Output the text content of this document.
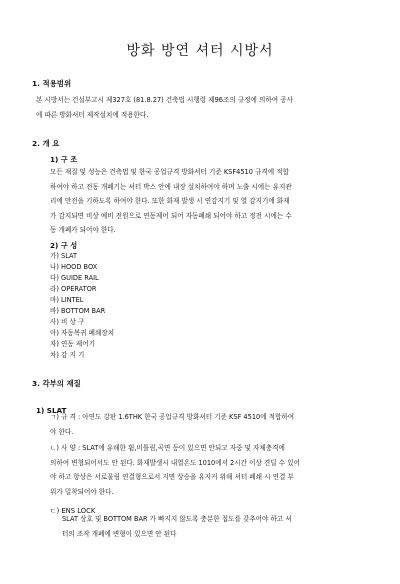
방화 방연 셔터 시방서
1. 적용범위
본 시방서는 건설부고시 제327호 (81.8.27) 건축법 시행령 제96조의 규정에 의하여 공사
에 따른 방화셔터 제작설치에 적용한다.
2. 개 요
1) 구 조
모든 재질 및 성능은 건축법 및 한국 공업규격 방화셔터 기준 KSF4510 규격에 적합
하여야 하고 전동 개폐기는 셔터 박스 안에 내장 설치하여야 하며 노출 시에는 유지관
리에 만전을 기하도록 하여야 한다. 또한 화재 발생 시 연감지기 및 열 감지기에 화재
가 감지되면 비상 예비 전원으로 연동제어 되어 자동폐쇄 되어야 하고 정전 시에는 수
동 개폐가 되어야 한다.
2) 구 성
가) SLAT
나) HOOD BOX
다) GUIDE RAIL
라) OPERATOR
마) LINTEL
바) BOTTOM BAR
사) 비 상 구
아) 자동복귀 폐쇄장치
자) 연동 제어기
차) 감 지 기
3. 각부의 재질
1) SLAT
ㄱ) 규 격 : 아연도 강판 1.6THK 한국 공업규격 방화셔터 기준 KSF 4510에 적합하여
야 한다.
ㄴ) 사 양 : SLAT에 유해한 휨,비틀림,곡면 등이 있으면 안되고 자중 및 자체충격에
의하여 변형되어서도 안 된다. 화재발생시 내열온도 1010에서 2시간 이상 견딜 수 있어
야 하고 항상은 서로물림 연결형으로서 지면 상승을 유지커 위해 셔터 폐쇄 시 연결 부
위가 밀착되어야 한다.
ㄷ) ENS LOCK
SLAT 상호 및 BOTTOM BAR 가 빠지지 않도록 충분한 접도를 갖추어야 하고 셔
터의 조작 개폐에 변형이 있으면 안 된다
